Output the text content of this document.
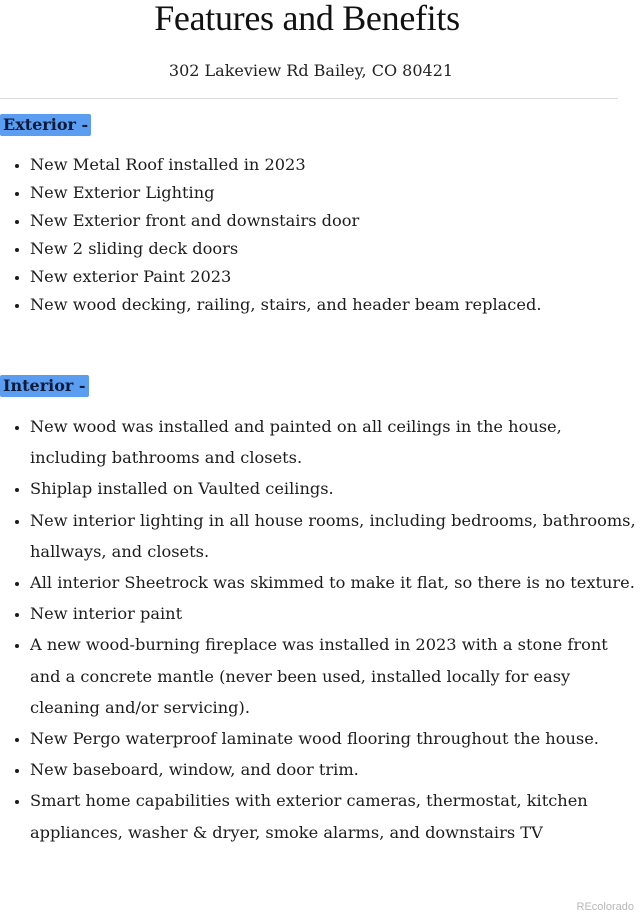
Features and Benefits
302 Lakeview Rd Bailey, CO 80421
Exterior -
• New Metal Roof installed in 2023
• New Exterior Lighting
• New Exterior front and downstairs door
• New 2 sliding deck doors
• New exterior Paint 2023
• New wood decking, railing, stairs, and header beam replaced.
Interior -
• New wood was installed and painted on all ceilings in the house, including bathrooms and closets.
• Shiplap installed on Vaulted ceilings.
• New interior lighting in all house rooms, including bedrooms, bathrooms, hallways, and closets.
• All interior Sheetrock was skimmed to make it flat, so there is no texture.
• New interior paint
• A new wood-burning fireplace was installed in 2023 with a stone front and a concrete mantle (never been used, installed locally for easy cleaning and/or servicing).
• New Pergo waterproof laminate wood flooring throughout the house.
• New baseboard, window, and door trim.
• Smart home capabilities with exterior cameras, thermostat, kitchen appliances, washer & dryer, smoke alarms, and downstairs TV
REcolorado
